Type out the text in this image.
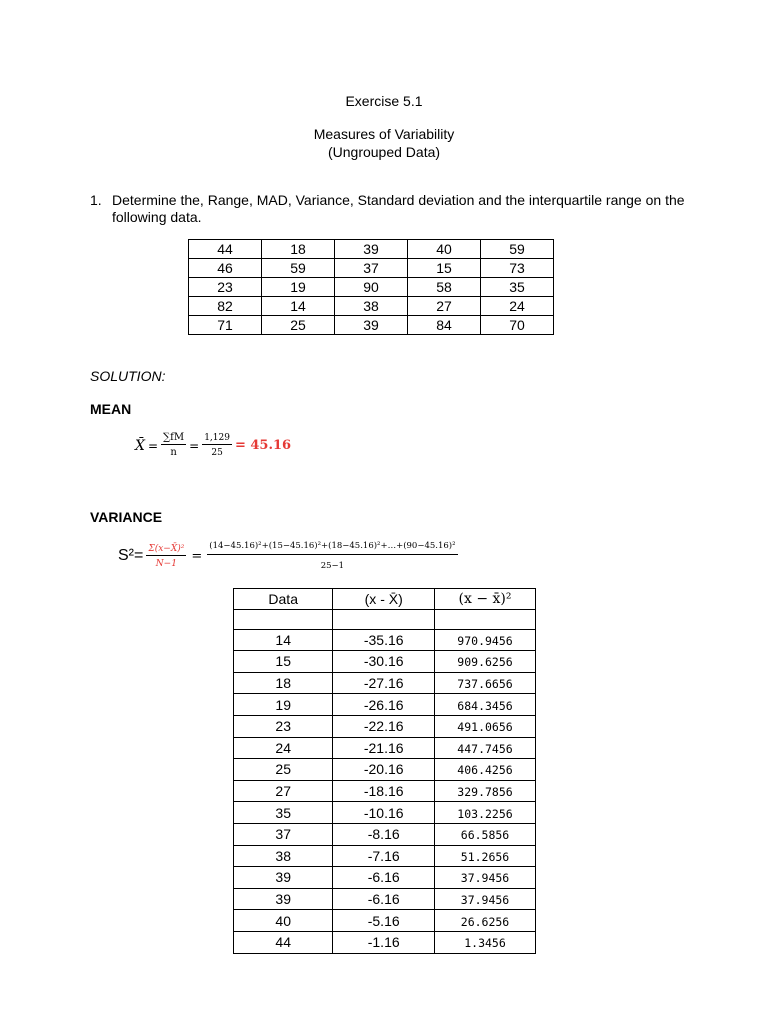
Exercise 5.1
Measures of Variability
(Ungrouped Data)
1. Determine the, Range, MAD, Variance, Standard deviation and the interquartile range on the
following data.
44	18	39	40	59
46	59	37	15	73
23	19	90	58	35
82	14	38	27	24
71	25	39	84	70
SOLUTION:
MEAN
X̄ = $\frac{\sum fM}{n} = \frac{1,129}{25} = 45.16$
VARIANCE
$S^2= \frac{\text{Σ(x−X̄)²}}{N-1} = \frac{\text{(14−45.16)²+(15−45.16)²+(18−45.16)²+…+(90−45.16)²}}{25-1}$
Data	(x - X̄)	(x − x̄)²

14	-35.16	970.9456
15	-30.16	909.6256
18	-27.16	737.6656
19	-26.16	684.3456
23	-22.16	491.0656
24	-21.16	447.7456
25	-20.16	406.4256
27	-18.16	329.7856
35	-10.16	103.2256
37	-8.16	66.5856
38	-7.16	51.2656
39	-6.16	37.9456
39	-6.16	37.9456
40	-5.16	26.6256
44	-1.16	1.3456
